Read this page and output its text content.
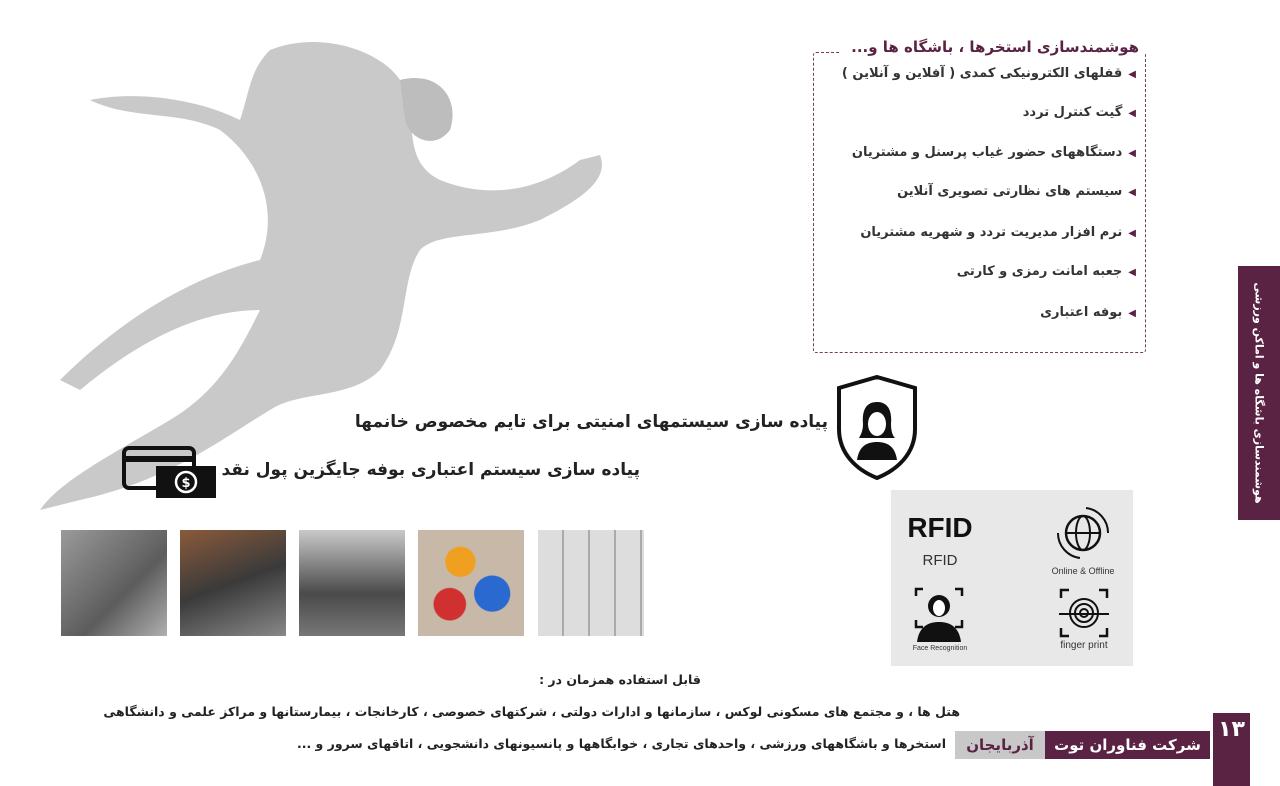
هوشمندسازی استخرها ، باشگاه ها و...
◀قفلهای الکترونیکی کمدی ( آفلاین و آنلاین )
◀گیت کنترل تردد
◀دستگاههای حضور غیاب پرسنل و مشتریان
◀سیستم های نظارتی تصویری آنلاین
◀نرم افزار مدیریت تردد و شهریه مشتریان
◀جعبه امانت رمزی و کارتی
◀بوفه اعتباری
پیاده سازی سیستمهای امنیتی برای تایم مخصوص خانمها
$
پیاده سازی سیستم اعتباری بوفه جایگزین پول نقد
RFID
RFID
Online & Offline
Face Recognition	finger print
قابل استفاده همزمان در :
هتل ها ، و مجتمع های مسکونی لوکس ، سازمانها و ادارات دولتی ، شرکتهای خصوصی ، کارخانجات ، بیمارستانها و مراکز علمی و دانشگاهی
استخرها و باشگاههای ورزشی ، واحدهای تجاری ، خوابگاهها و پانسیونهای دانشجویی ، اتاقهای سرور و ...	آذربایجان	شرکت فناوران توت
۱۳
هوشمندسازی باشگاه ها و اماکن ورزشی
